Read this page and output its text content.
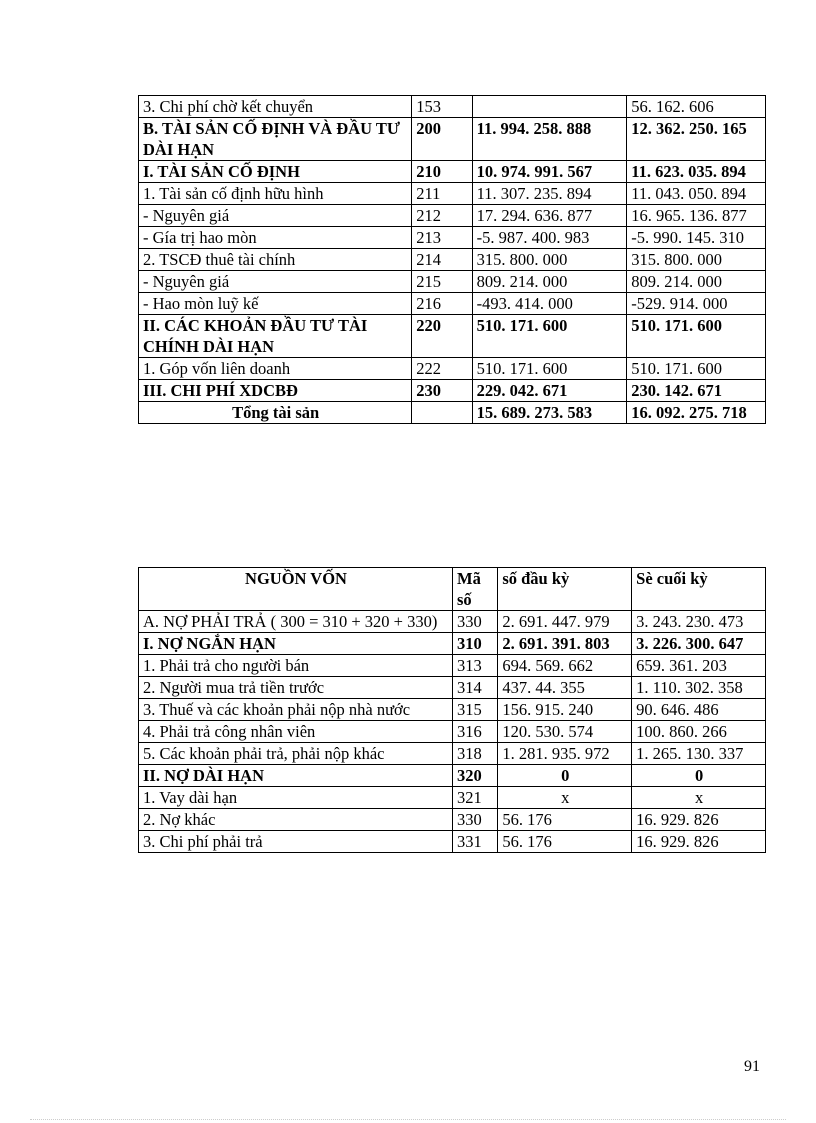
3. Chi phí chờ kết chuyển	153		56. 162. 606
B. TÀI SẢN CỐ ĐỊNH VÀ ĐẦU TƯ DÀI HẠN	200	11. 994. 258. 888	12. 362. 250. 165
I. TÀI SẢN CỐ ĐỊNH	210	10. 974. 991. 567	11. 623. 035. 894
1. Tài sản cố định hữu hình	211	11. 307. 235. 894	11. 043. 050. 894
- Nguyên giá	212	17. 294. 636. 877	16. 965. 136. 877
- Gía trị hao mòn	213	-5. 987. 400. 983	-5. 990. 145. 310
2. TSCĐ thuê tài chính	214	315. 800. 000	315. 800. 000
- Nguyên giá	215	809. 214. 000	809. 214. 000
- Hao mòn luỹ kế	216	-493. 414. 000	-529. 914. 000
II. CÁC KHOẢN ĐẦU TƯ TÀI CHÍNH DÀI HẠN	220	510. 171. 600	510. 171. 600
1. Góp vốn liên doanh	222	510. 171. 600	510. 171. 600
III. CHI PHÍ XDCBĐ	230	229. 042. 671	230. 142. 671
Tổng tài sản		15. 689. 273. 583	16. 092. 275. 718
NGUỒN VỐN	Mã số	số đầu kỳ	Sè cuối kỳ
A. NỢ PHẢI TRẢ ( 300 = 310 + 320 + 330)	330	2. 691. 447. 979	3. 243. 230. 473
I. NỢ NGẮN HẠN	310	2. 691. 391. 803	3. 226. 300. 647
1. Phải trả cho người bán	313	694. 569. 662	659. 361. 203
2. Người mua trả tiền trước	314	437. 44. 355	1. 110. 302. 358
3. Thuế và các khoản phải nộp nhà nước	315	156. 915. 240	90. 646. 486
4. Phải trả công nhân viên	316	120. 530. 574	100. 860. 266
5. Các khoản phải trả, phải nộp khác	318	1. 281. 935. 972	1. 265. 130. 337
II. NỢ DÀI HẠN	320	0	0
1. Vay dài hạn	321	x	x
2. Nợ khác	330	56. 176	16. 929. 826
3. Chi phí phải trả	331	56. 176	16. 929. 826
91
